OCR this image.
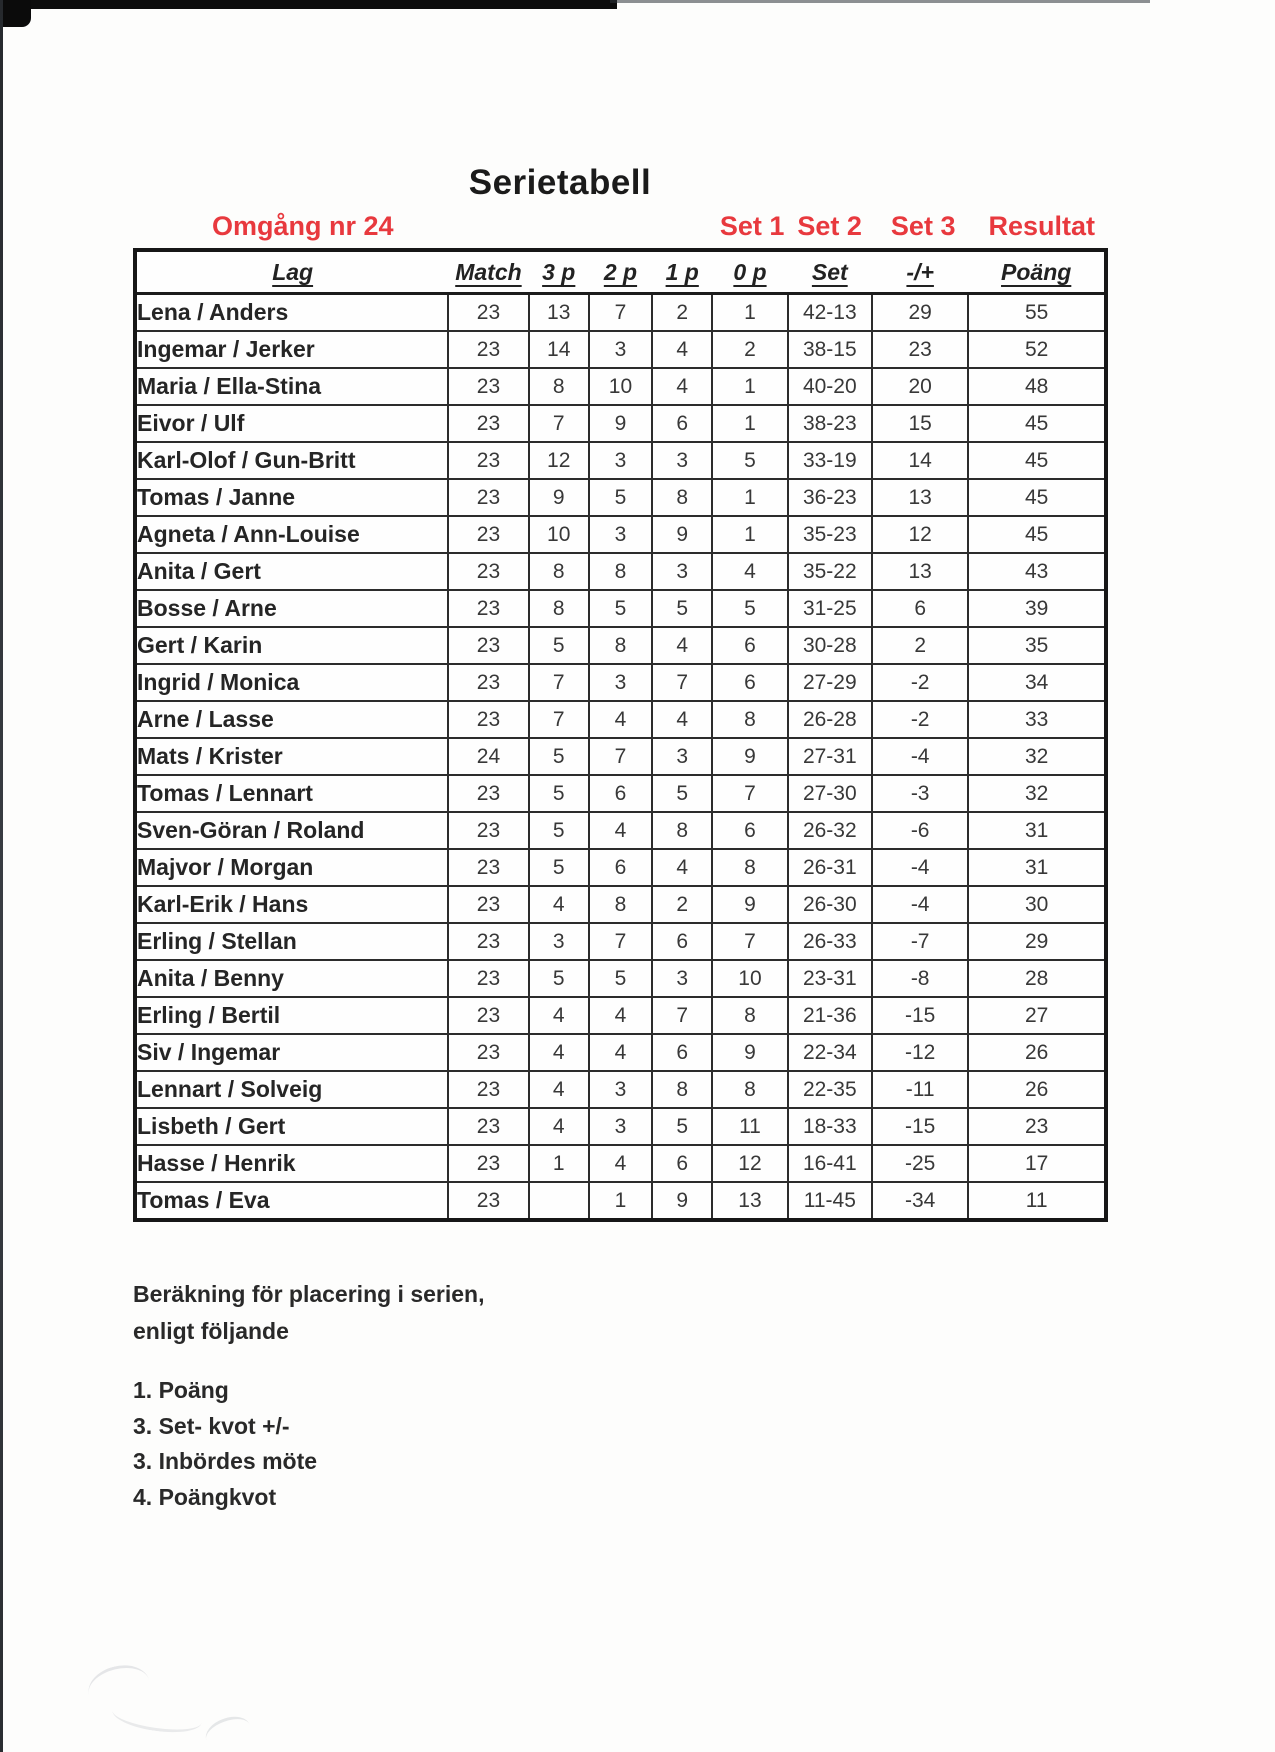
Serietabell
Omgång nr 24	Set 1 Set 2 Set 3 Resultat
Lag	Match	3 p	2 p	1 p	0 p	Set	-/+	Poäng
Lena / Anders	23	13	7	2	1	42-13	29	55
Ingemar / Jerker	23	14	3	4	2	38-15	23	52
Maria / Ella-Stina	23	8	10	4	1	40-20	20	48
Eivor / Ulf	23	7	9	6	1	38-23	15	45
Karl-Olof / Gun-Britt	23	12	3	3	5	33-19	14	45
Tomas / Janne	23	9	5	8	1	36-23	13	45
Agneta / Ann-Louise	23	10	3	9	1	35-23	12	45
Anita / Gert	23	8	8	3	4	35-22	13	43
Bosse / Arne	23	8	5	5	5	31-25	6	39
Gert / Karin	23	5	8	4	6	30-28	2	35
Ingrid / Monica	23	7	3	7	6	27-29	-2	34
Arne / Lasse	23	7	4	4	8	26-28	-2	33
Mats / Krister	24	5	7	3	9	27-31	-4	32
Tomas / Lennart	23	5	6	5	7	27-30	-3	32
Sven-Göran / Roland	23	5	4	8	6	26-32	-6	31
Majvor / Morgan	23	5	6	4	8	26-31	-4	31
Karl-Erik / Hans	23	4	8	2	9	26-30	-4	30
Erling / Stellan	23	3	7	6	7	26-33	-7	29
Anita / Benny	23	5	5	3	10	23-31	-8	28
Erling / Bertil	23	4	4	7	8	21-36	-15	27
Siv / Ingemar	23	4	4	6	9	22-34	-12	26
Lennart / Solveig	23	4	3	8	8	22-35	-11	26
Lisbeth / Gert	23	4	3	5	11	18-33	-15	23
Hasse / Henrik	23	1	4	6	12	16-41	-25	17
Tomas / Eva	23		1	9	13	11-45	-34	11
Beräkning för placering i serien,
enligt följande
1. Poäng
3. Set- kvot +/-
3. Inbördes möte
4. Poängkvot
